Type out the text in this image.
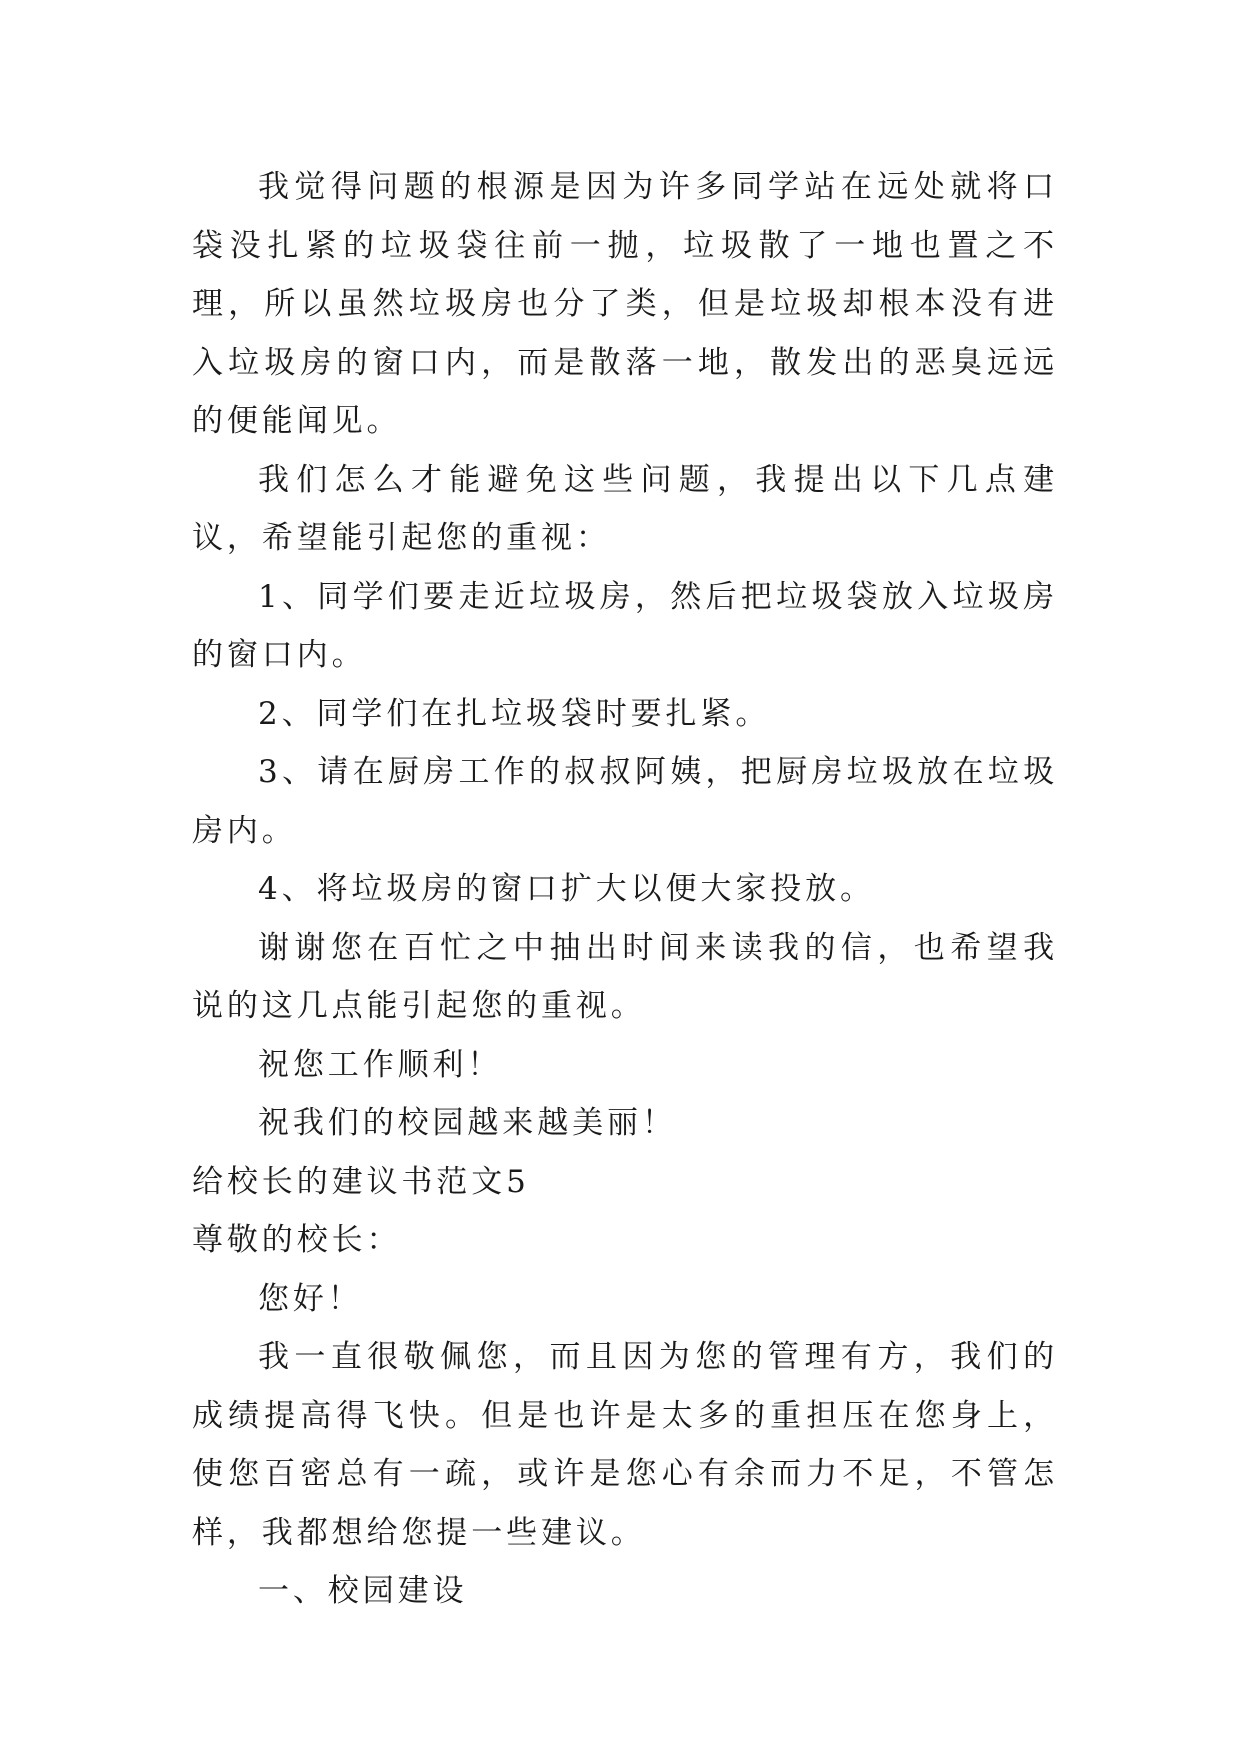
我觉得问题的根源是因为许多同学站在远处就将口袋没扎紧的垃圾袋往前一抛，垃圾散了一地也置之不理，所以虽然垃圾房也分了类，但是垃圾却根本没有进入垃圾房的窗口内，而是散落一地，散发出的恶臭远远的便能闻见。

我们怎么才能避免这些问题，我提出以下几点建议，希望能引起您的重视：

1、同学们要走近垃圾房，然后把垃圾袋放入垃圾房的窗口内。

2、同学们在扎垃圾袋时要扎紧。

3、请在厨房工作的叔叔阿姨，把厨房垃圾放在垃圾房内。

4、将垃圾房的窗口扩大以便大家投放。

谢谢您在百忙之中抽出时间来读我的信，也希望我说的这几点能引起您的重视。

祝您工作顺利！

祝我们的校园越来越美丽！

给校长的建议书范文5

尊敬的校长：

您好！

我一直很敬佩您，而且因为您的管理有方，我们的成绩提高得飞快。但是也许是太多的重担压在您身上，使您百密总有一疏，或许是您心有余而力不足，不管怎样，我都想给您提一些建议。

一、校园建设
